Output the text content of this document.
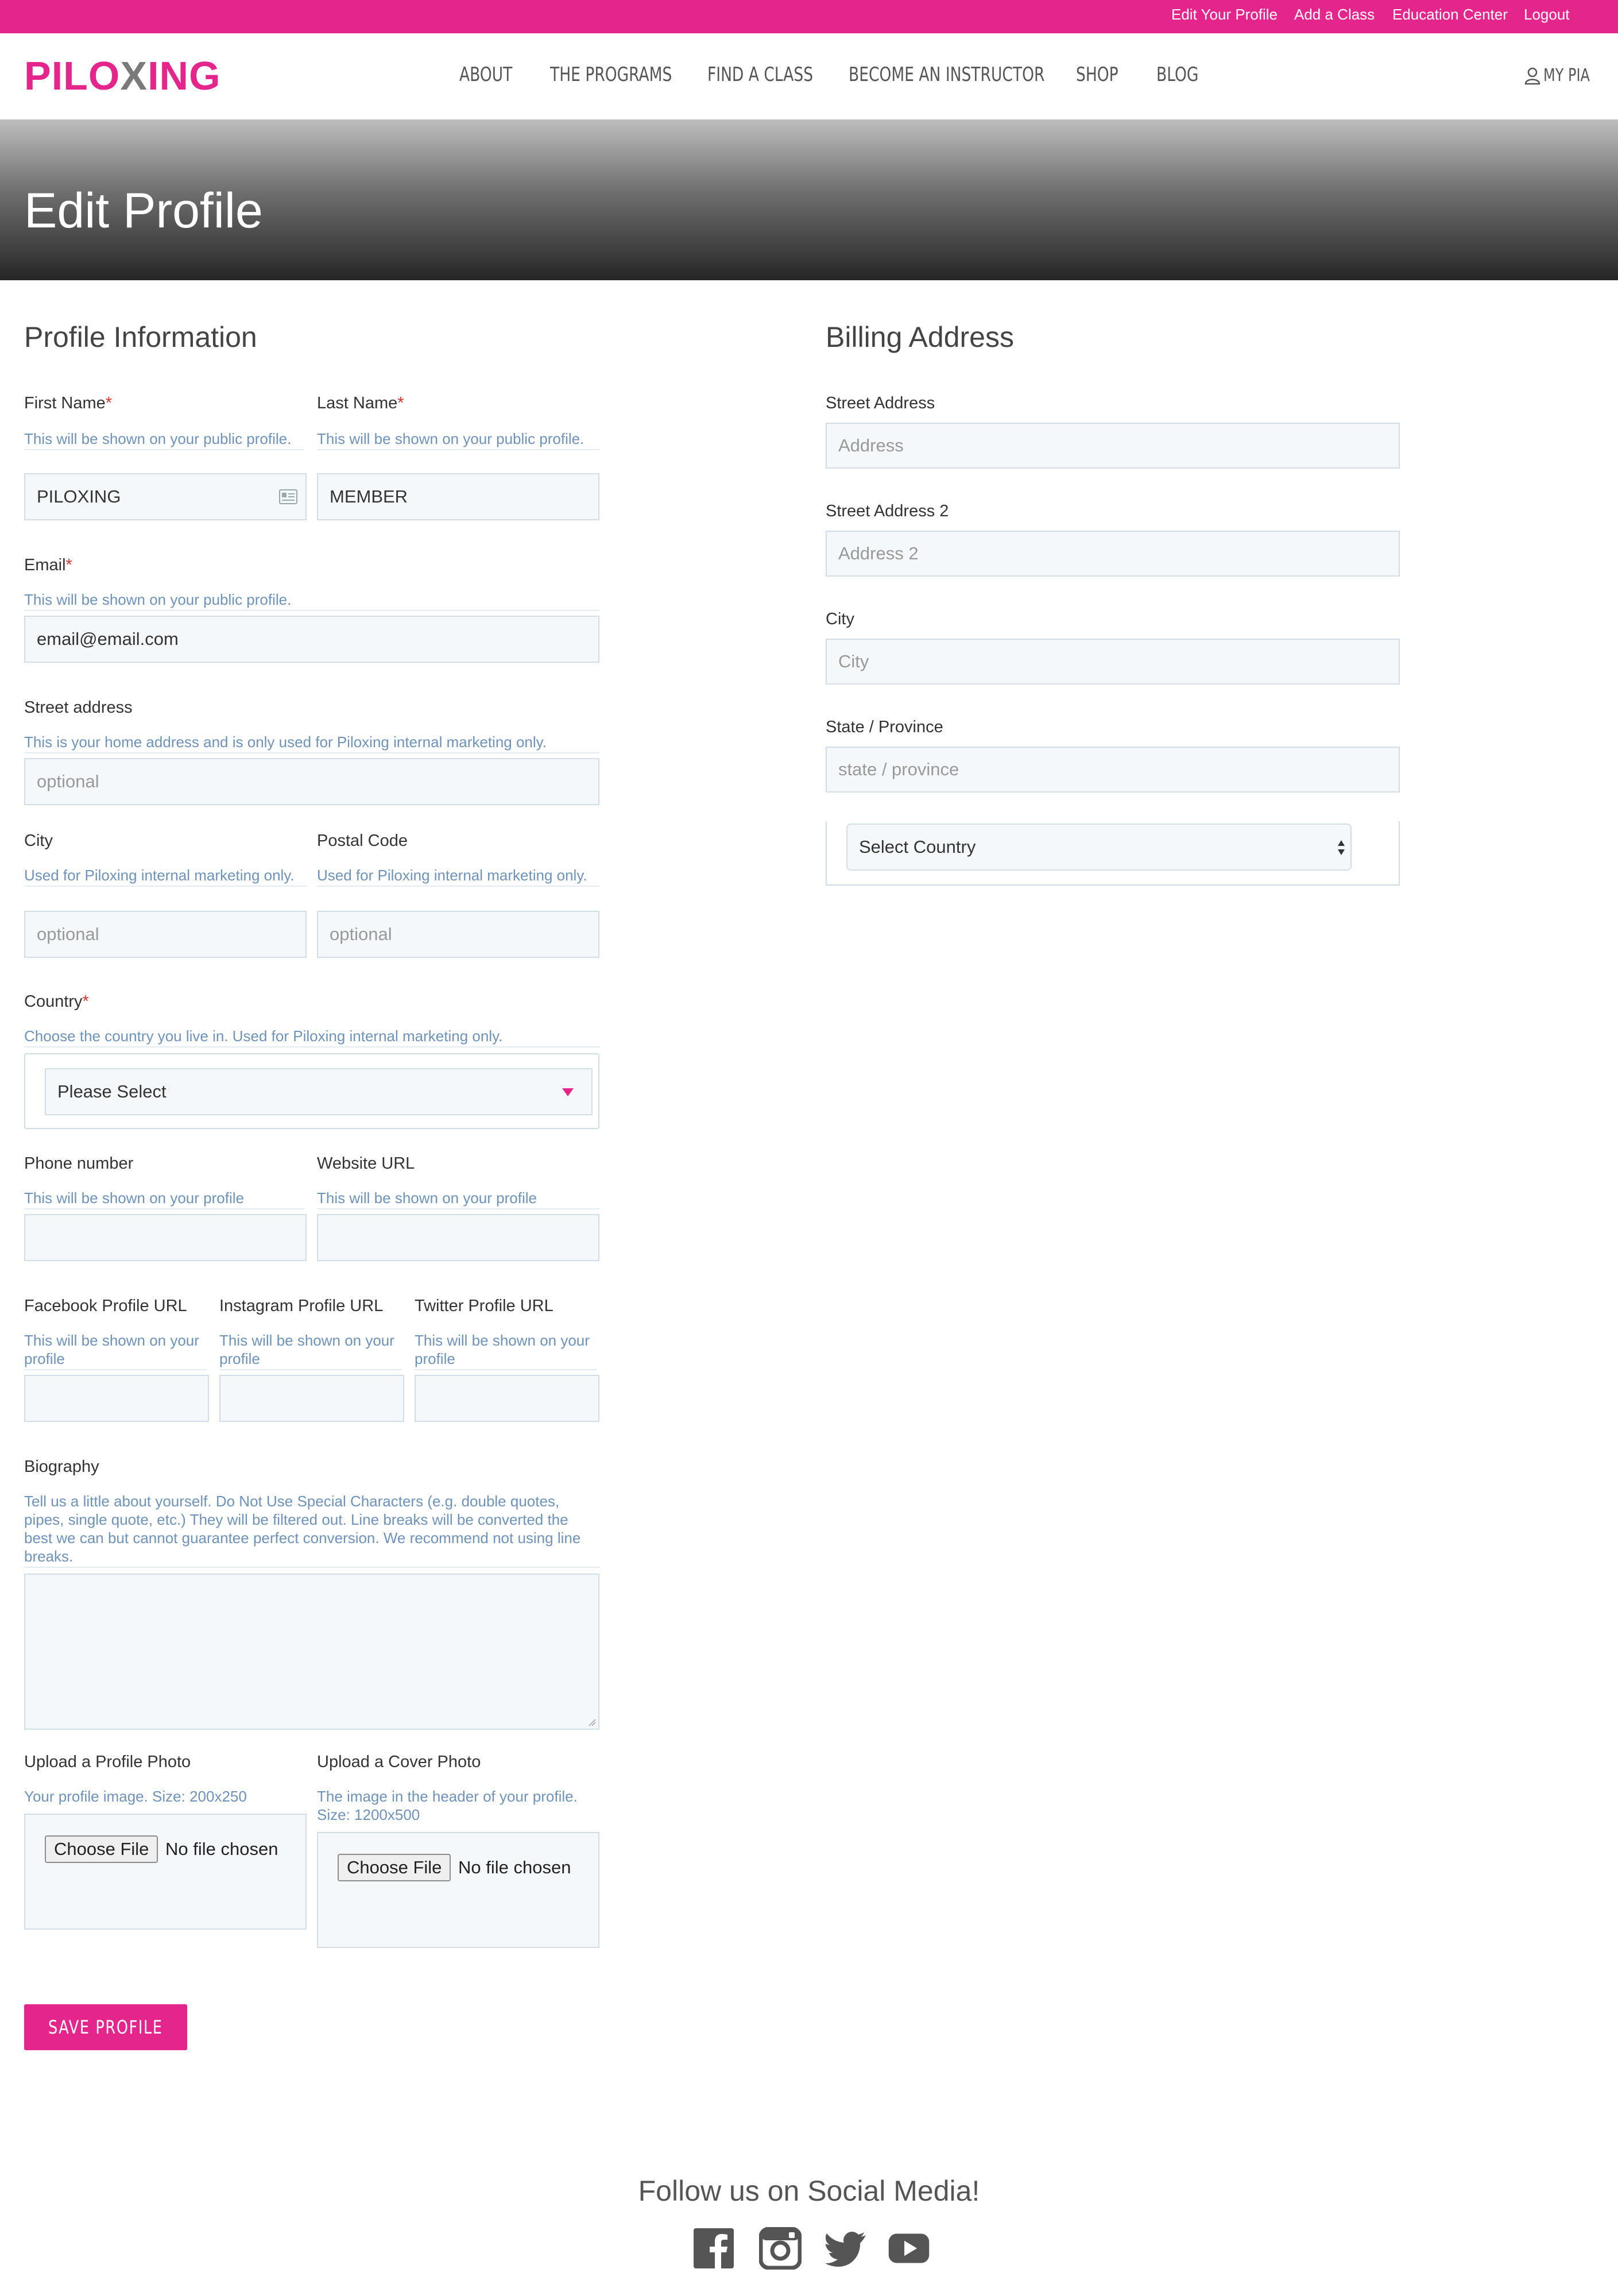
Edit Your Profile Add a Class Education Center Logout
PILOXING	ABOUT THE PROGRAMS FIND A CLASS BECOME AN INSTRUCTOR SHOP BLOG	MY PIA
Edit Profile
Profile Information
First Name*
This will be shown on your public profile.
PILOXING
Last Name*
This will be shown on your public profile.
MEMBER
Email*
This will be shown on your public profile.
email@email.com
Street address
This is your home address and is only used for Piloxing internal marketing only.
optional
City
Used for Piloxing internal marketing only.
optional
Postal Code
Used for Piloxing internal marketing only.
optional
Country*
Choose the country you live in. Used for Piloxing internal marketing only.
Please Select
Phone number
This will be shown on your profile
Website URL
This will be shown on your profile
Facebook Profile URL
This will be shown on your profile
Instagram Profile URL
This will be shown on your profile
Twitter Profile URL
This will be shown on your profile
Biography
Tell us a little about yourself. Do Not Use Special Characters (e.g. double quotes, pipes, single quote, etc.) They will be filtered out. Line breaks will be converted the best we can but cannot guarantee perfect conversion. We recommend not using line breaks.
Upload a Profile Photo
Your profile image. Size: 200x250
Choose File No file chosen
Upload a Cover Photo
The image in the header of your profile. Size: 1200x500
Choose File No file chosen
SAVE PROFILE
Billing Address
Street Address
Address
Street Address 2
Address 2
City
City
State / Province
state / province
Select Country
Follow us on Social Media!
